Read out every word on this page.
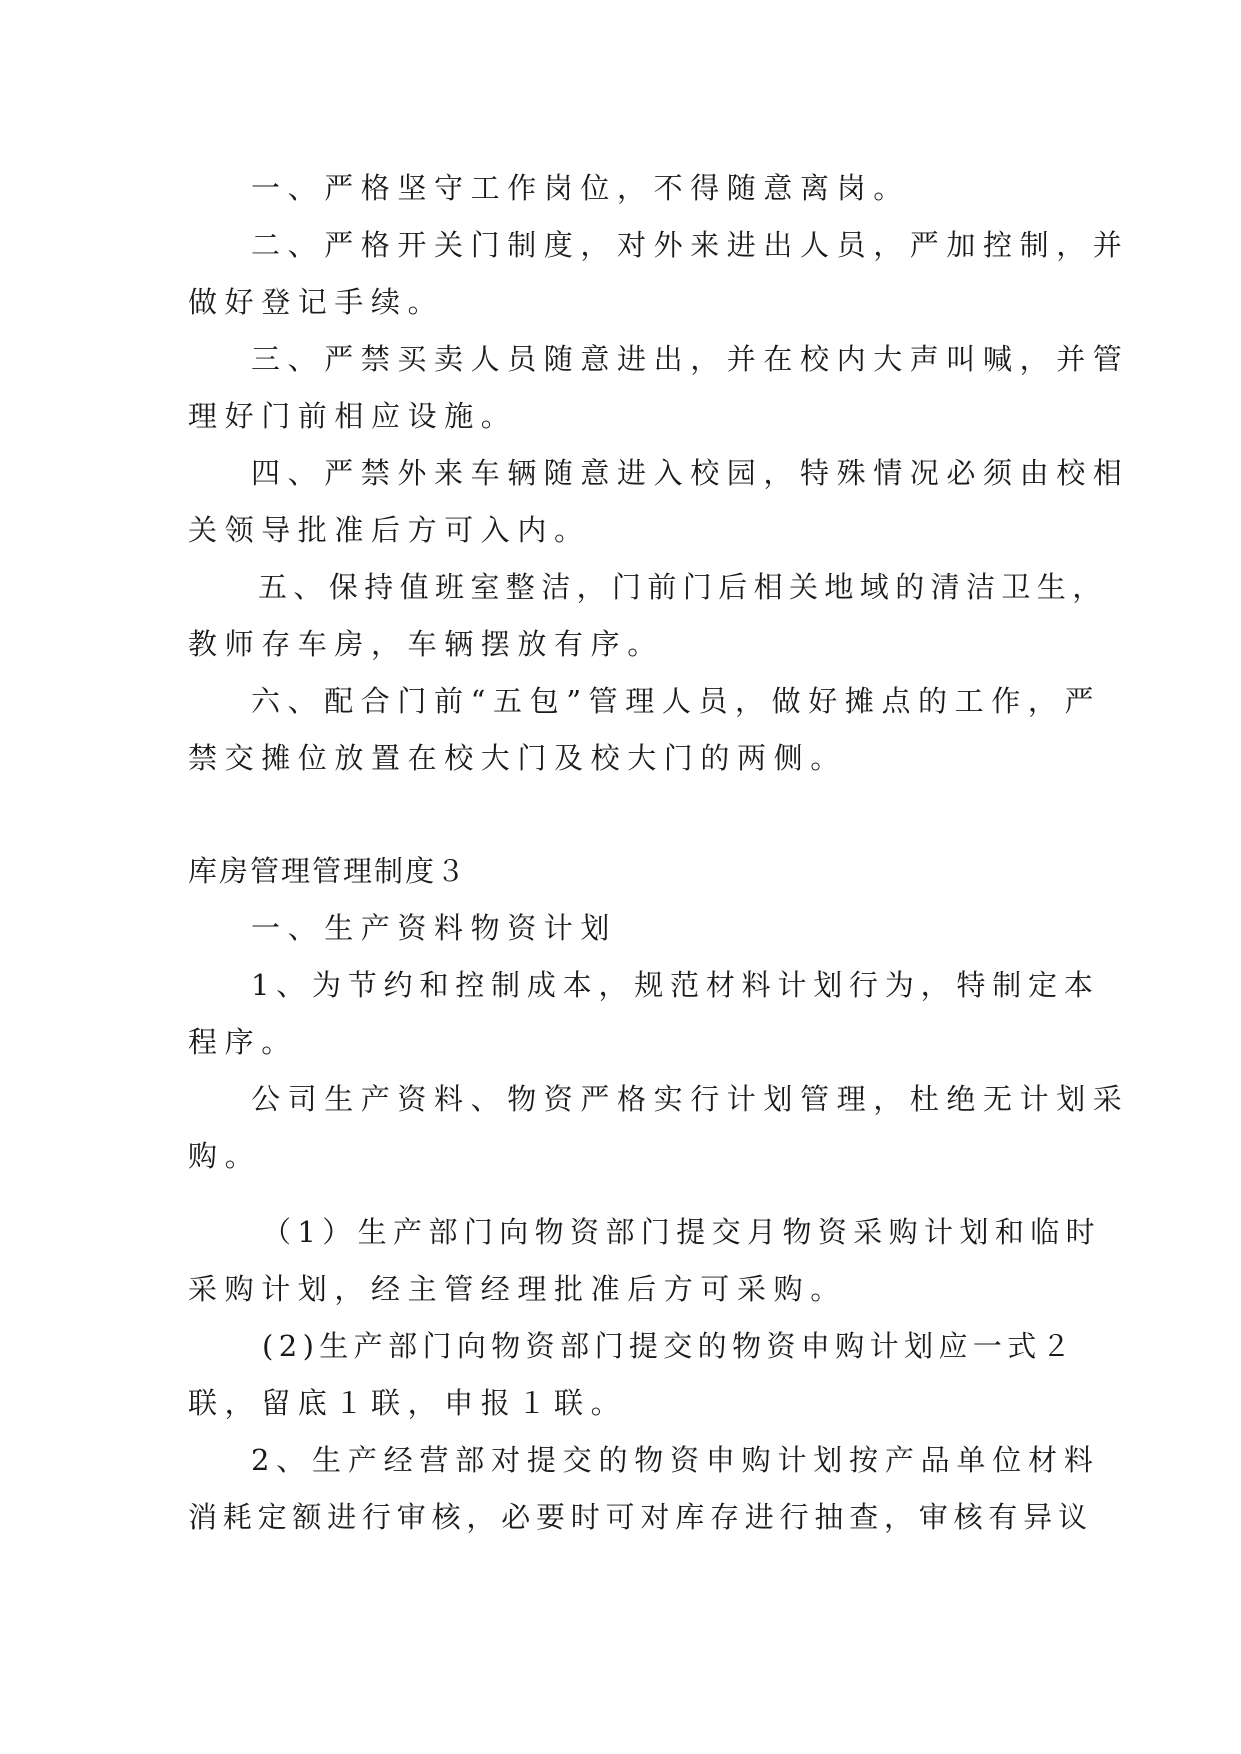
一、严格坚守工作岗位，不得随意离岗。
二、严格开关门制度，对外来进出人员，严加控制，并
做好登记手续。
三、严禁买卖人员随意进出，并在校内大声叫喊，并管
理好门前相应设施。
四、严禁外来车辆随意进入校园，特殊情况必须由校相
关领导批准后方可入内。
五、保持值班室整洁，门前门后相关地域的清洁卫生，
教师存车房，车辆摆放有序。
六、配合门前“五包”管理人员，做好摊点的工作，严
禁交摊位放置在校大门及校大门的两侧。
库房管理管理制度３
一、生产资料物资计划
1、为节约和控制成本，规范材料计划行为，特制定本
程序。
公司生产资料、物资严格实行计划管理，杜绝无计划采
购。
（1）生产部门向物资部门提交月物资采购计划和临时
采购计划，经主管经理批准后方可采购。
(2)生产部门向物资部门提交的物资申购计划应一式２
联，留底１联，申报１联。
2、生产经营部对提交的物资申购计划按产品单位材料
消耗定额进行审核，必要时可对库存进行抽查，审核有异议
